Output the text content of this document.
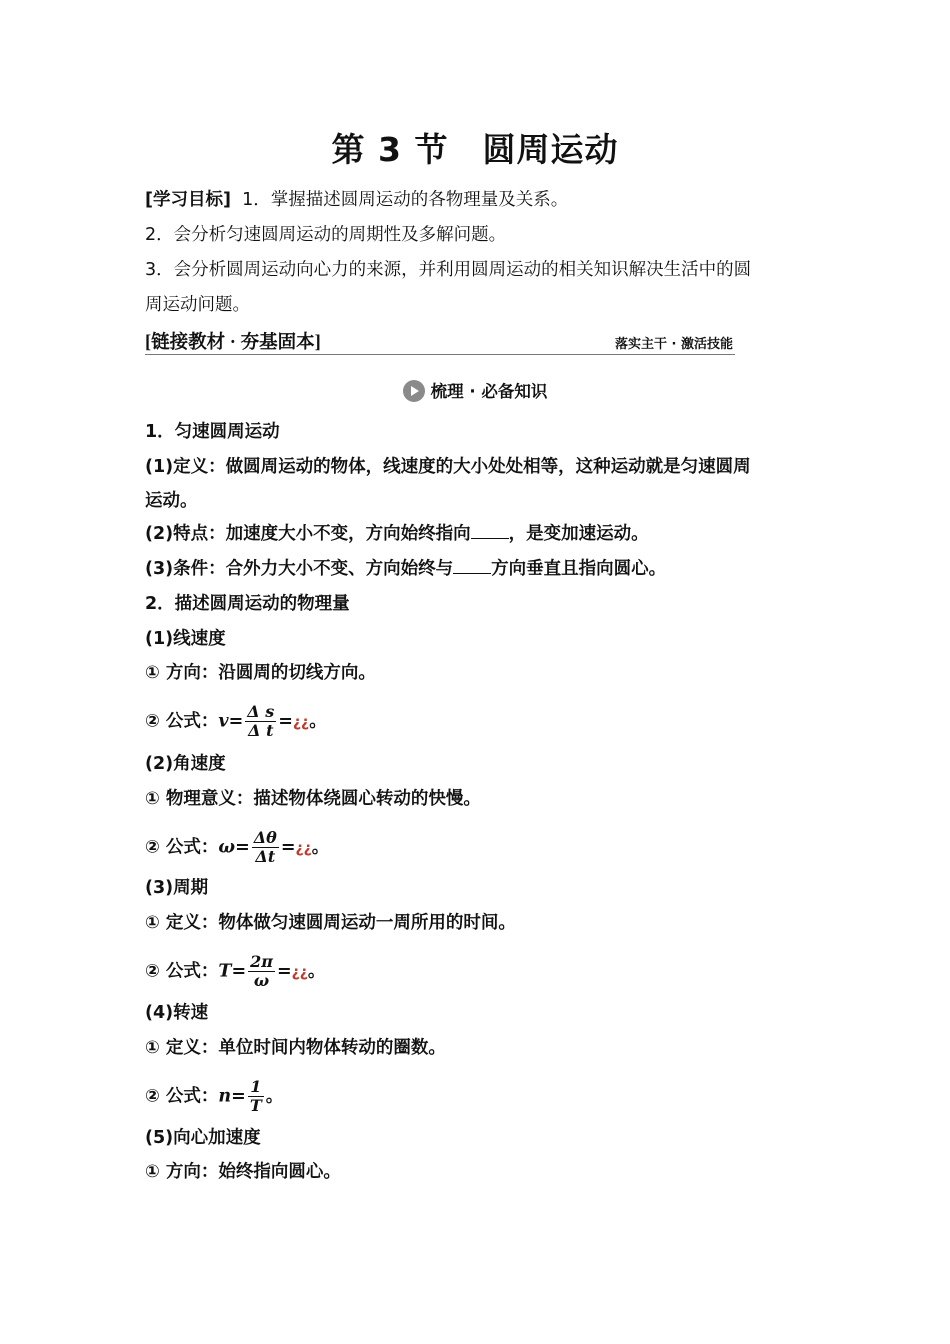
第 3 节　圆周运动
[学习目标] 1．掌握描述圆周运动的各物理量及关系。
2．会分析匀速圆周运动的周期性及多解问题。
3．会分析圆周运动向心力的来源，并利用圆周运动的相关知识解决生活中的圆
周运动问题。
[链接教材 · 夯基固本]	落实主干 · 激活技能
梳理 · 必备知识
1．匀速圆周运动
(1)定义：做圆周运动的物体，线速度的大小处处相等，这种运动就是匀速圆周
运动。
(2)特点：加速度大小不变，方向始终指向 ，是变加速运动。
(3)条件：合外力大小不变、方向始终与 方向垂直且指向圆心。
2．描述圆周运动的物理量
(1)线速度
① 方向：沿圆周的切线方向。
② 公式：$v= \frac{\text{Δ s}}{\text{Δ t}}$ =¿¿。
(2)角速度
① 物理意义：描述物体绕圆心转动的快慢。
② 公式：$\omega= \frac{\Delta\theta}{\Delta t}$ =¿¿。
(3)周期
① 定义：物体做匀速圆周运动一周所用的时间。
② 公式：$T= \frac{2\pi}{\omega}$ =¿¿。
(4)转速
① 定义：单位时间内物体转动的圈数。
② 公式：$n= \frac{1}{T}$ 。
(5)向心加速度
① 方向：始终指向圆心。
